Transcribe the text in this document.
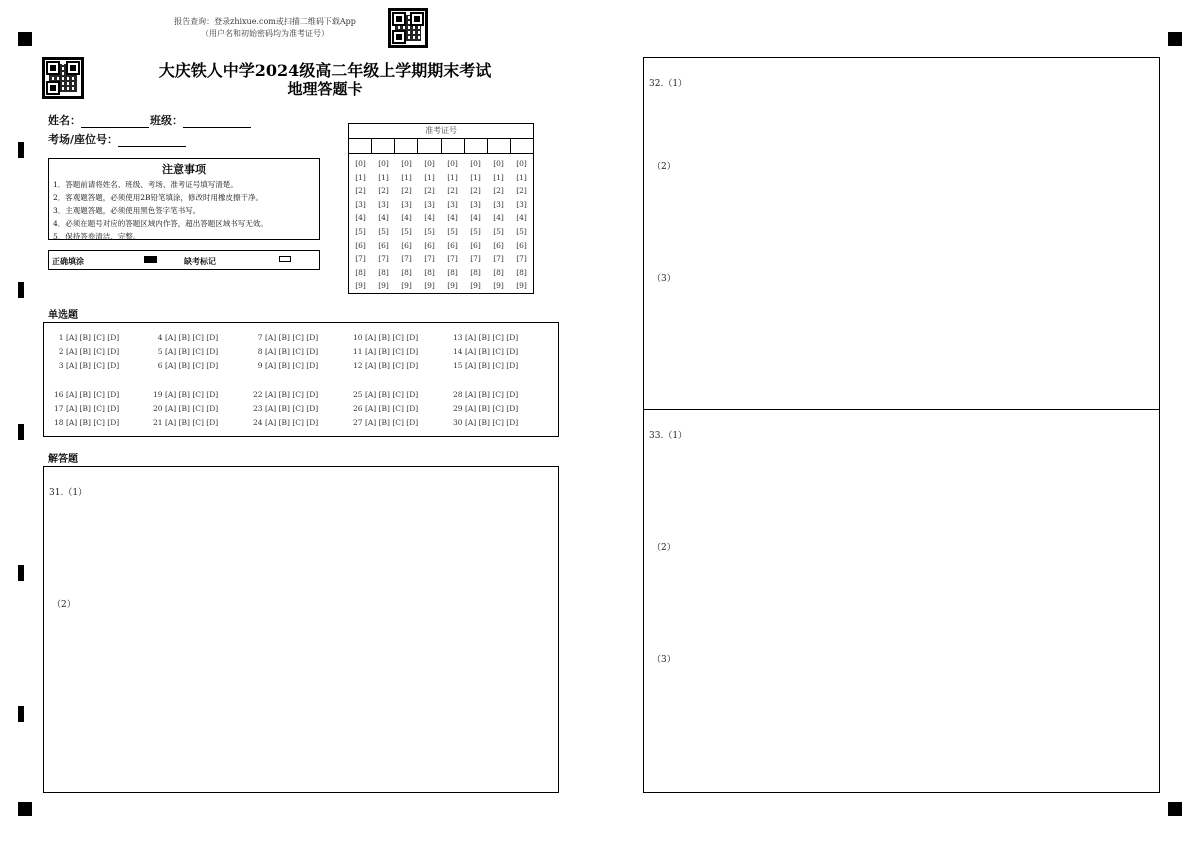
报告查询：登录zhixue.com或扫描二维码下载App
（用户名和初始密码均为准考证号）
大庆铁人中学2024级高二年级上学期期末考试
地理答题卡
姓名：	班级：
考场/座位号：
注意事项

1．答题前请将姓名、班级、考场、准考证号填写清楚。

2．客观题答题，必须使用2B铅笔填涂，修改时用橡皮擦干净。

3．主观题答题，必须使用黑色签字笔书写。

4．必须在题号对应的答题区域内作答，超出答题区域书写无效。

5．保持答卷清洁、完整。

正确填涂	缺考标记
准考证号
[0]
[1]
[2]
[3]
[4]
[5]
[6]
[7]
[8]
[9]
[0]
[1]
[2]
[3]
[4]
[5]
[6]
[7]
[8]
[9]
[0]
[1]
[2]
[3]
[4]
[5]
[6]
[7]
[8]
[9]
[0]
[1]
[2]
[3]
[4]
[5]
[6]
[7]
[8]
[9]
[0]
[1]
[2]
[3]
[4]
[5]
[6]
[7]
[8]
[9]
[0]
[1]
[2]
[3]
[4]
[5]
[6]
[7]
[8]
[9]
[0]
[1]
[2]
[3]
[4]
[5]
[6]
[7]
[8]
[9]
[0]
[1]
[2]
[3]
[4]
[5]
[6]
[7]
[8]
[9]
单选题
 1 [A] [B] [C] [D]
 2 [A] [B] [C] [D]
 3 [A] [B] [C] [D]
 4 [A] [B] [C] [D]
 5 [A] [B] [C] [D]
 6 [A] [B] [C] [D]
 7 [A] [B] [C] [D]
 8 [A] [B] [C] [D]
 9 [A] [B] [C] [D]
10 [A] [B] [C] [D]
11 [A] [B] [C] [D]
12 [A] [B] [C] [D]
13 [A] [B] [C] [D]
14 [A] [B] [C] [D]
15 [A] [B] [C] [D]
16 [A] [B] [C] [D]
17 [A] [B] [C] [D]
18 [A] [B] [C] [D]
19 [A] [B] [C] [D]
20 [A] [B] [C] [D]
21 [A] [B] [C] [D]
22 [A] [B] [C] [D]
23 [A] [B] [C] [D]
24 [A] [B] [C] [D]
25 [A] [B] [C] [D]
26 [A] [B] [C] [D]
27 [A] [B] [C] [D]
28 [A] [B] [C] [D]
29 [A] [B] [C] [D]
30 [A] [B] [C] [D]
解答题
31.（1）
（2）
32.（1）
（2）
（3）
33.（1）
（2）
（3）
